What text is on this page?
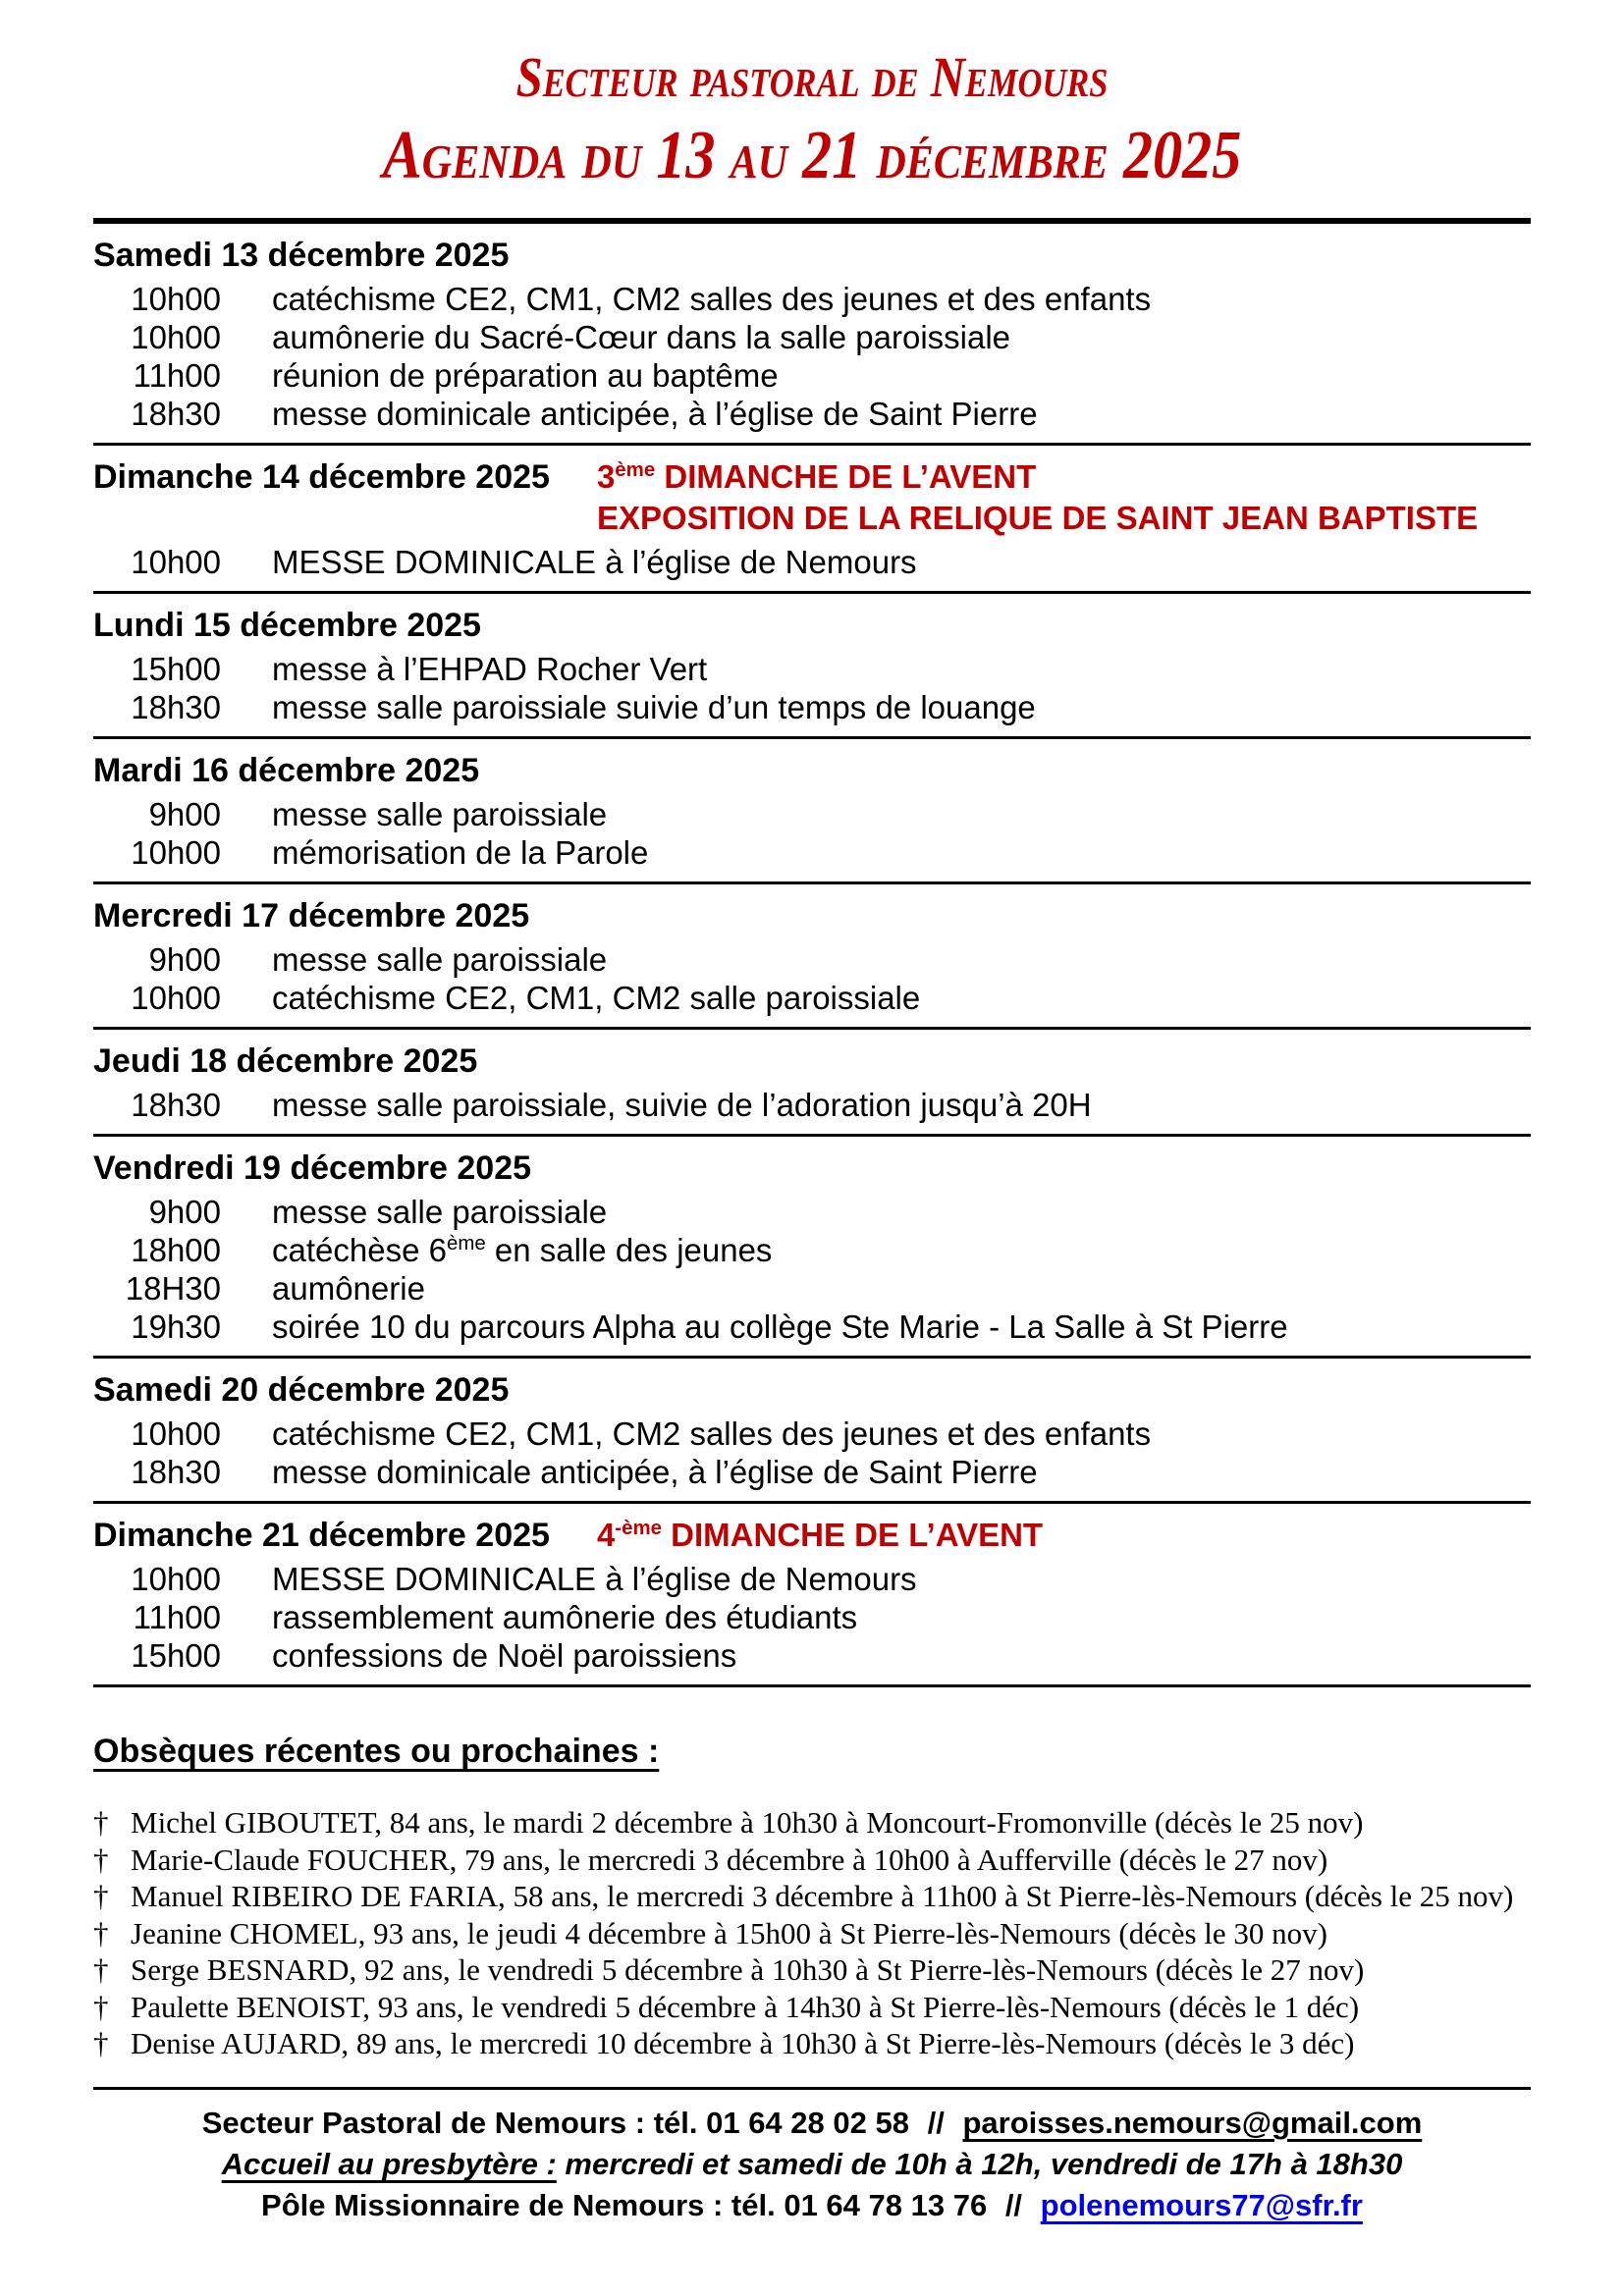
Secteur pastoral de Nemours
Agenda du 13 au 21 décembre 2025
Samedi 13 décembre 2025
10h00 catéchisme CE2, CM1, CM2 salles des jeunes et des enfants
10h00 aumônerie du Sacré-Cœur dans la salle paroissiale
11h00 réunion de préparation au baptême
18h30 messe dominicale anticipée, à l’église de Saint Pierre
Dimanche 14 décembre 2025 3ème DIMANCHE DE L’AVENT
EXPOSITION DE LA RELIQUE DE SAINT JEAN BAPTISTE
10h00 MESSE DOMINICALE à l’église de Nemours
Lundi 15 décembre 2025
15h00 messe à l’EHPAD Rocher Vert
18h30 messe salle paroissiale suivie d’un temps de louange
Mardi 16 décembre 2025
9h00 messe salle paroissiale
10h00 mémorisation de la Parole
Mercredi 17 décembre 2025
9h00 messe salle paroissiale
10h00 catéchisme CE2, CM1, CM2 salle paroissiale
Jeudi 18 décembre 2025
18h30 messe salle paroissiale, suivie de l’adoration jusqu’à 20H
Vendredi 19 décembre 2025
9h00 messe salle paroissiale
18h00 catéchèse 6ème en salle des jeunes
18H30 aumônerie
19h30 soirée 10 du parcours Alpha au collège Ste Marie - La Salle à St Pierre
Samedi 20 décembre 2025
10h00 catéchisme CE2, CM1, CM2 salles des jeunes et des enfants
18h30 messe dominicale anticipée, à l’église de Saint Pierre
Dimanche 21 décembre 2025 $4^{-ème}$ DIMANCHE DE L’AVENT
10h00 MESSE DOMINICALE à l’église de Nemours
11h00 rassemblement aumônerie des étudiants
15h00 confessions de Noël paroissiens
Obsèques récentes ou prochaines :
† Michel GIBOUTET, 84 ans, le mardi 2 décembre à 10h30 à Moncourt-Fromonville (décès le 25 nov)
† Marie-Claude FOUCHER, 79 ans, le mercredi 3 décembre à 10h00 à Aufferville (décès le 27 nov)
† Manuel RIBEIRO DE FARIA, 58 ans, le mercredi 3 décembre à 11h00 à St Pierre-lès-Nemours (décès le 25 nov)
† Jeanine CHOMEL, 93 ans, le jeudi 4 décembre à 15h00 à St Pierre-lès-Nemours (décès le 30 nov)
† Serge BESNARD, 92 ans, le vendredi 5 décembre à 10h30 à St Pierre-lès-Nemours (décès le 27 nov)
† Paulette BENOIST, 93 ans, le vendredi 5 décembre à 14h30 à St Pierre-lès-Nemours (décès le 1 déc)
† Denise AUJARD, 89 ans, le mercredi 10 décembre à 10h30 à St Pierre-lès-Nemours (décès le 3 déc)
Secteur Pastoral de Nemours : tél. 01 64 28 02 58 // paroisses.nemours@gmail.com
Accueil au presbytère : mercredi et samedi de 10h à 12h, vendredi de 17h à 18h30
Pôle Missionnaire de Nemours : tél. 01 64 78 13 76 // polenemours77@sfr.fr
